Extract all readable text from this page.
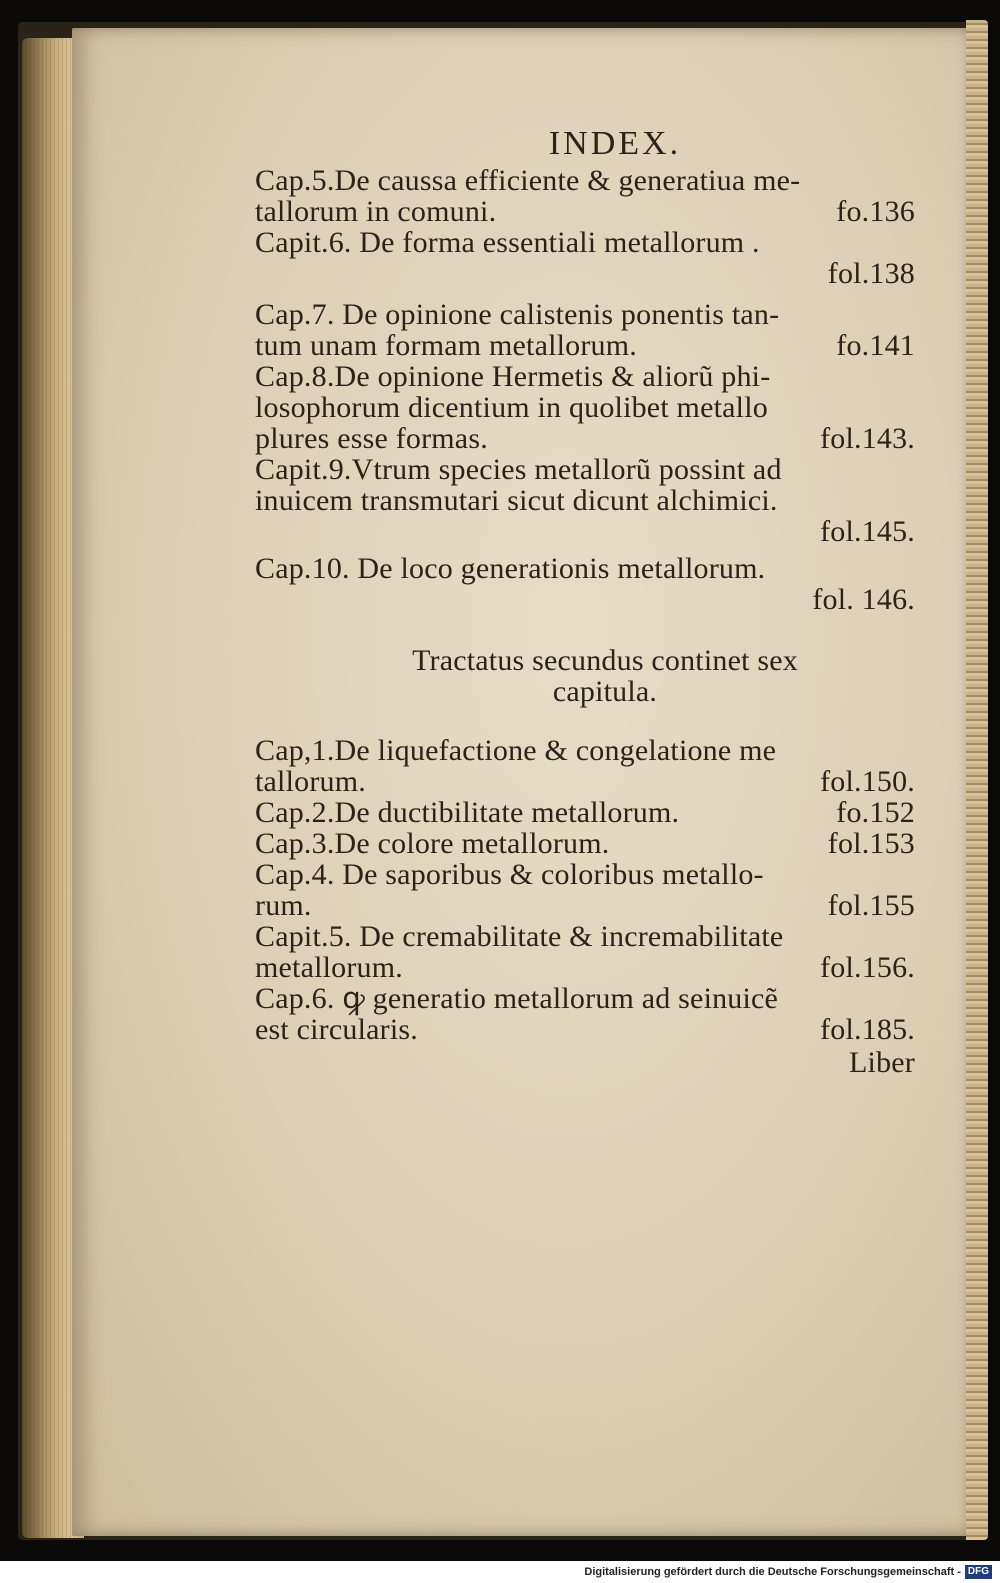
INDEX.
Cap.5.De caussa efficiente & generatiua me-
tallorum in comuni.	fo.136
Capit.6. De forma essentiali metallorum .
fol.138
Cap.7. De opinione calistenis ponentis tan-
tum unam formam metallorum.	fo.141
Cap.8.De opinione Hermetis & aliorũ phi-
losophorum dicentium in quolibet metallo
plures esse formas.	fol.143.
Capit.9.Vtrum species metallorũ possint ad
inuicem transmutari sicut dicunt alchimici.
fol.145.
Cap.10. De loco generationis metallorum.
fol. 146.
Tractatus secundus continet sex
capitula.
Cap,1.De liquefactione & congelatione me
tallorum.	fol.150.
Cap.2.De ductibilitate metallorum.	fo.152
Cap.3.De colore metallorum.	fol.153
Cap.4. De saporibus & coloribus metallo-
rum.	fol.155
Capit.5. De cremabilitate & incremabilitate
metallorum.	fol.156.
Cap.6. ꝙ generatio metallorum ad seinuicẽ
est circularis.	fol.185.
Liber
Digitalisierung gefördert durch die Deutsche Forschungsgemeinschaft - DFG
